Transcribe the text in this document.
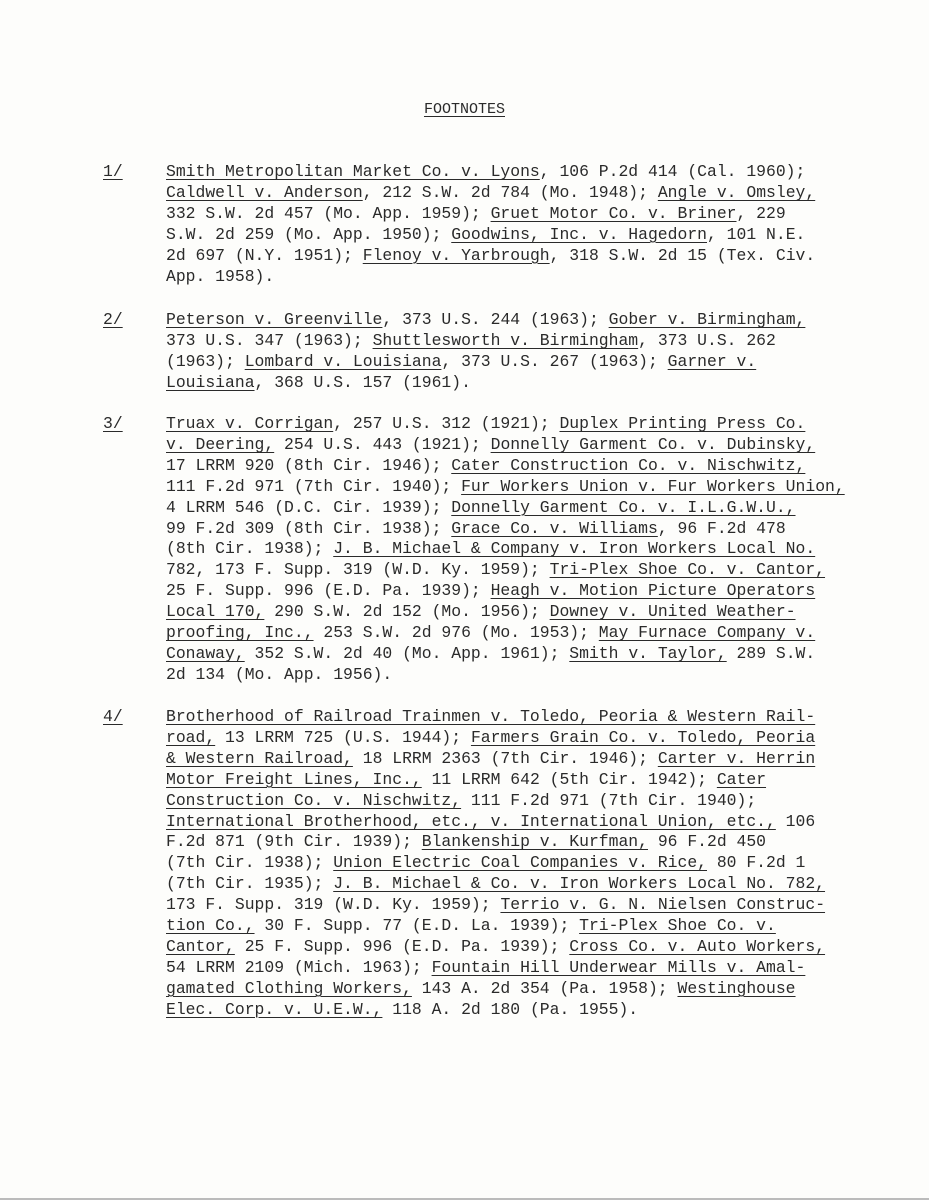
FOOTNOTES
1/	Smith Metropolitan Market Co. v. Lyons, 106 P.2d 414 (Cal. 1960);
Caldwell v. Anderson, 212 S.W. 2d 784 (Mo. 1948); Angle v. Omsley,
332 S.W. 2d 457 (Mo. App. 1959); Gruet Motor Co. v. Briner, 229
S.W. 2d 259 (Mo. App. 1950); Goodwins, Inc. v. Hagedorn, 101 N.E.
2d 697 (N.Y. 1951); Flenoy v. Yarbrough, 318 S.W. 2d 15 (Tex. Civ.
App. 1958).
2/	Peterson v. Greenville, 373 U.S. 244 (1963); Gober v. Birmingham,
373 U.S. 347 (1963); Shuttlesworth v. Birmingham, 373 U.S. 262
(1963); Lombard v. Louisiana, 373 U.S. 267 (1963); Garner v.
Louisiana, 368 U.S. 157 (1961).
3/	Truax v. Corrigan, 257 U.S. 312 (1921); Duplex Printing Press Co.
v. Deering, 254 U.S. 443 (1921); Donnelly Garment Co. v. Dubinsky,
17 LRRM 920 (8th Cir. 1946); Cater Construction Co. v. Nischwitz,
111 F.2d 971 (7th Cir. 1940); Fur Workers Union v. Fur Workers Union,
4 LRRM 546 (D.C. Cir. 1939); Donnelly Garment Co. v. I.L.G.W.U.,
99 F.2d 309 (8th Cir. 1938); Grace Co. v. Williams, 96 F.2d 478
(8th Cir. 1938); J. B. Michael & Company v. Iron Workers Local No.
782, 173 F. Supp. 319 (W.D. Ky. 1959); Tri-Plex Shoe Co. v. Cantor,
25 F. Supp. 996 (E.D. Pa. 1939); Heagh v. Motion Picture Operators
Local 170, 290 S.W. 2d 152 (Mo. 1956); Downey v. United Weather-
proofing, Inc., 253 S.W. 2d 976 (Mo. 1953); May Furnace Company v.
Conaway, 352 S.W. 2d 40 (Mo. App. 1961); Smith v. Taylor, 289 S.W.
2d 134 (Mo. App. 1956).
4/	Brotherhood of Railroad Trainmen v. Toledo, Peoria & Western Rail-
road, 13 LRRM 725 (U.S. 1944); Farmers Grain Co. v. Toledo, Peoria
& Western Railroad, 18 LRRM 2363 (7th Cir. 1946); Carter v. Herrin
Motor Freight Lines, Inc., 11 LRRM 642 (5th Cir. 1942); Cater
Construction Co. v. Nischwitz, 111 F.2d 971 (7th Cir. 1940);
International Brotherhood, etc., v. International Union, etc., 106
F.2d 871 (9th Cir. 1939); Blankenship v. Kurfman, 96 F.2d 450
(7th Cir. 1938); Union Electric Coal Companies v. Rice, 80 F.2d 1
(7th Cir. 1935); J. B. Michael & Co. v. Iron Workers Local No. 782,
173 F. Supp. 319 (W.D. Ky. 1959); Terrio v. G. N. Nielsen Construc-
tion Co., 30 F. Supp. 77 (E.D. La. 1939); Tri-Plex Shoe Co. v.
Cantor, 25 F. Supp. 996 (E.D. Pa. 1939); Cross Co. v. Auto Workers,
54 LRRM 2109 (Mich. 1963); Fountain Hill Underwear Mills v. Amal-
gamated Clothing Workers, 143 A. 2d 354 (Pa. 1958); Westinghouse
Elec. Corp. v. U.E.W., 118 A. 2d 180 (Pa. 1955).
